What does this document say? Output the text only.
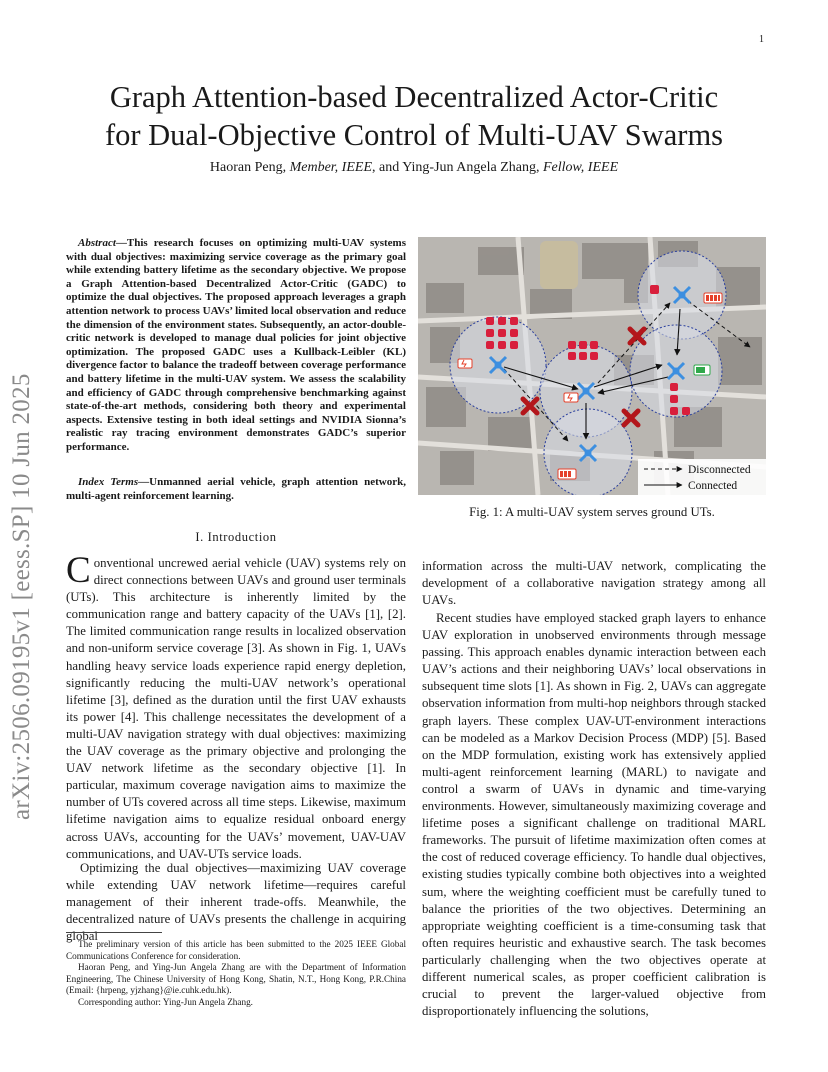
1
Graph Attention-based Decentralized Actor-Critic
for Dual-Objective Control of Multi-UAV Swarms
Haoran Peng, Member, IEEE, and Ying-Jun Angela Zhang, Fellow, IEEE
arXiv:2506.09195v1 [eess.SP] 10 Jun 2025
Abstract—This research focuses on optimizing multi-UAV systems with dual objectives: maximizing service coverage as the primary goal while extending battery lifetime as the secondary objective. We propose a Graph Attention-based Decentralized Actor-Critic (GADC) to optimize the dual objectives. The proposed approach leverages a graph attention network to process UAVs’ limited local observation and reduce the dimension of the environment states. Subsequently, an actor-double-critic network is developed to manage dual policies for joint objective optimization. The proposed GADC uses a Kullback-Leibler (KL) divergence factor to balance the tradeoff between coverage performance and battery lifetime in the multi-UAV system. We assess the scalability and efficiency of GADC through comprehensive benchmarking against state-of-the-art methods, considering both theory and experimental aspects. Extensive testing in both ideal settings and NVIDIA Sionna’s realistic ray tracing environment demonstrates GADC’s superior performance.
Index Terms—Unmanned aerial vehicle, graph attention network, multi-agent reinforcement learning.
I. Introduction
Conventional uncrewed aerial vehicle (UAV) systems rely on direct connections between UAVs and ground user terminals (UTs). This architecture is inherently limited by the communication range and battery capacity of the UAVs [1], [2]. The limited communication range results in localized observation and non-uniform service coverage [3]. As shown in Fig. 1, UAVs handling heavy service loads experience rapid energy depletion, significantly reducing the multi-UAV network’s operational lifetime [3], defined as the duration until the first UAV exhausts its power [4]. This challenge necessitates the development of a multi-UAV navigation strategy with dual objectives: maximizing the UAV coverage as the primary objective and prolonging the UAV network lifetime as the secondary objective [1]. In particular, maximum coverage navigation aims to maximize the number of UTs covered across all time steps. Likewise, maximum lifetime navigation aims to equalize residual onboard energy across UAVs, accounting for the UAVs’ movement, UAV-UAV communications, and UAV-UTs service loads.
Optimizing the dual objectives—maximizing UAV coverage while extending UAV network lifetime—requires careful management of their inherent trade-offs. Meanwhile, the decentralized nature of UAVs presents the challenge in acquiring global
The preliminary version of this article has been submitted to the 2025 IEEE Global Communications Conference for consideration.
Haoran Peng, and Ying-Jun Angela Zhang are with the Department of Information Engineering, The Chinese University of Hong Kong, Shatin, N.T., Hong Kong, P.R.China (Email: {hrpeng, yjzhang}@ie.cuhk.edu.hk).
Corresponding author: Ying-Jun Angela Zhang.
Disconnected
Connected
Fig. 1: A multi-UAV system serves ground UTs.
information across the multi-UAV network, complicating the development of a collaborative navigation strategy among all UAVs.
Recent studies have employed stacked graph layers to enhance UAV exploration in unobserved environments through message passing. This approach enables dynamic interaction between each UAV’s actions and their neighboring UAVs’ local observations in subsequent time slots [1]. As shown in Fig. 2, UAVs can aggregate observation information from multi-hop neighbors through stacked graph layers. These complex UAV-UT-environment interactions can be modeled as a Markov Decision Process (MDP) [5]. Based on the MDP formulation, existing work has extensively applied multi-agent reinforcement learning (MARL) to navigate and control a swarm of UAVs in dynamic and time-varying environments. However, simultaneously maximizing coverage and lifetime poses a significant challenge on traditional MARL frameworks. The pursuit of lifetime maximization often comes at the cost of reduced coverage efficiency. To handle dual objectives, existing studies typically combine both objectives into a weighted sum, where the weighting coefficient must be carefully tuned to balance the priorities of the two objectives. Determining an appropriate weighting coefficient is a time-consuming task that often requires heuristic and exhaustive search. The task becomes particularly challenging when the two objectives operate at different numerical scales, as proper coefficient calibration is crucial to prevent the larger-valued objective from disproportionately influencing the solutions,
